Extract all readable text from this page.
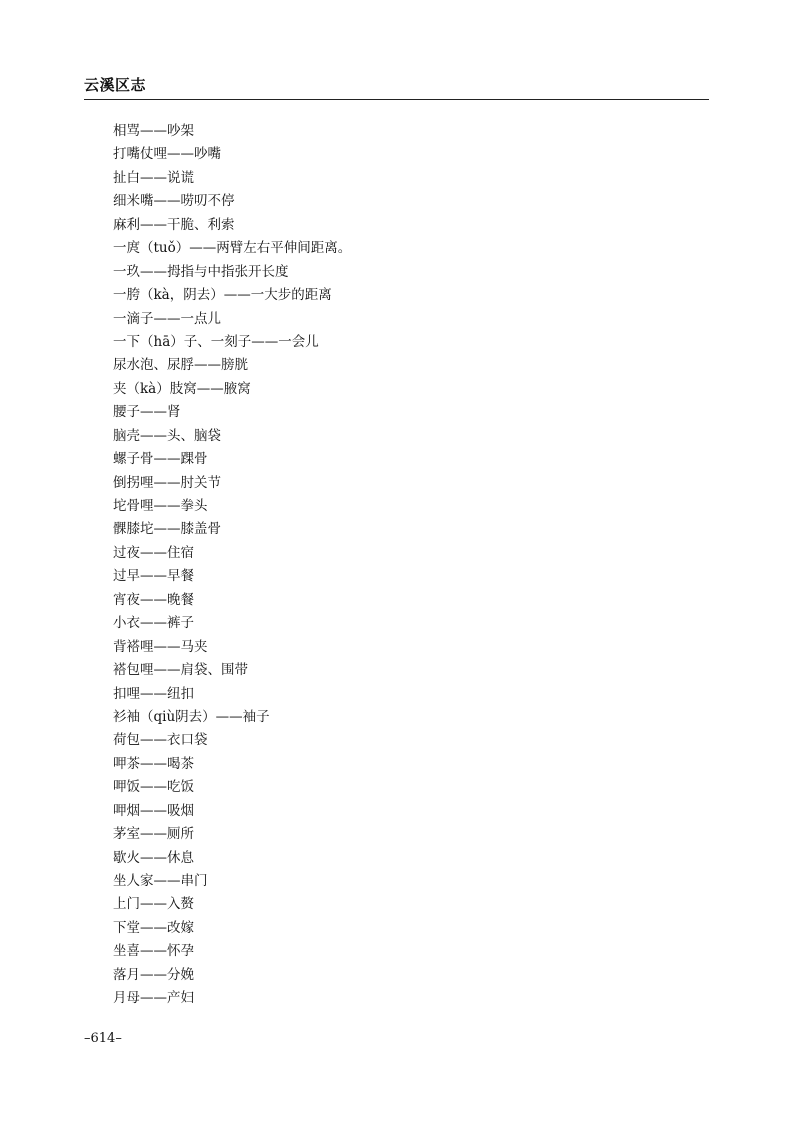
云溪区志
相骂——吵架
打嘴仗哩——吵嘴
扯白——说谎
细米嘴——唠叨不停
麻利——干脆、利索
一庹（tuǒ）——两臂左右平伸间距离。
一玖——拇指与中指张开长度
一胯（kà，阴去）——一大步的距离
一滴子——一点儿
一下（hā）子、一刻子——一会儿
尿水泡、尿脬——膀胱
夹（kà）肢窝——腋窝
腰子——肾
脑壳——头、脑袋
螺子骨——踝骨
倒拐哩——肘关节
坨骨哩——拳头
髁膝坨——膝盖骨
过夜——住宿
过早——早餐
宵夜——晚餐
小衣——裤子
背褡哩——马夹
褡包哩——肩袋、围带
扣哩——纽扣
衫袖（qiù阴去）——袖子
荷包——衣口袋
呷茶——喝茶
呷饭——吃饭
呷烟——吸烟
茅室——厕所
歇火——休息
坐人家——串门
上门——入赘
下堂——改嫁
坐喜——怀孕
落月——分娩
月母——产妇
–614–
